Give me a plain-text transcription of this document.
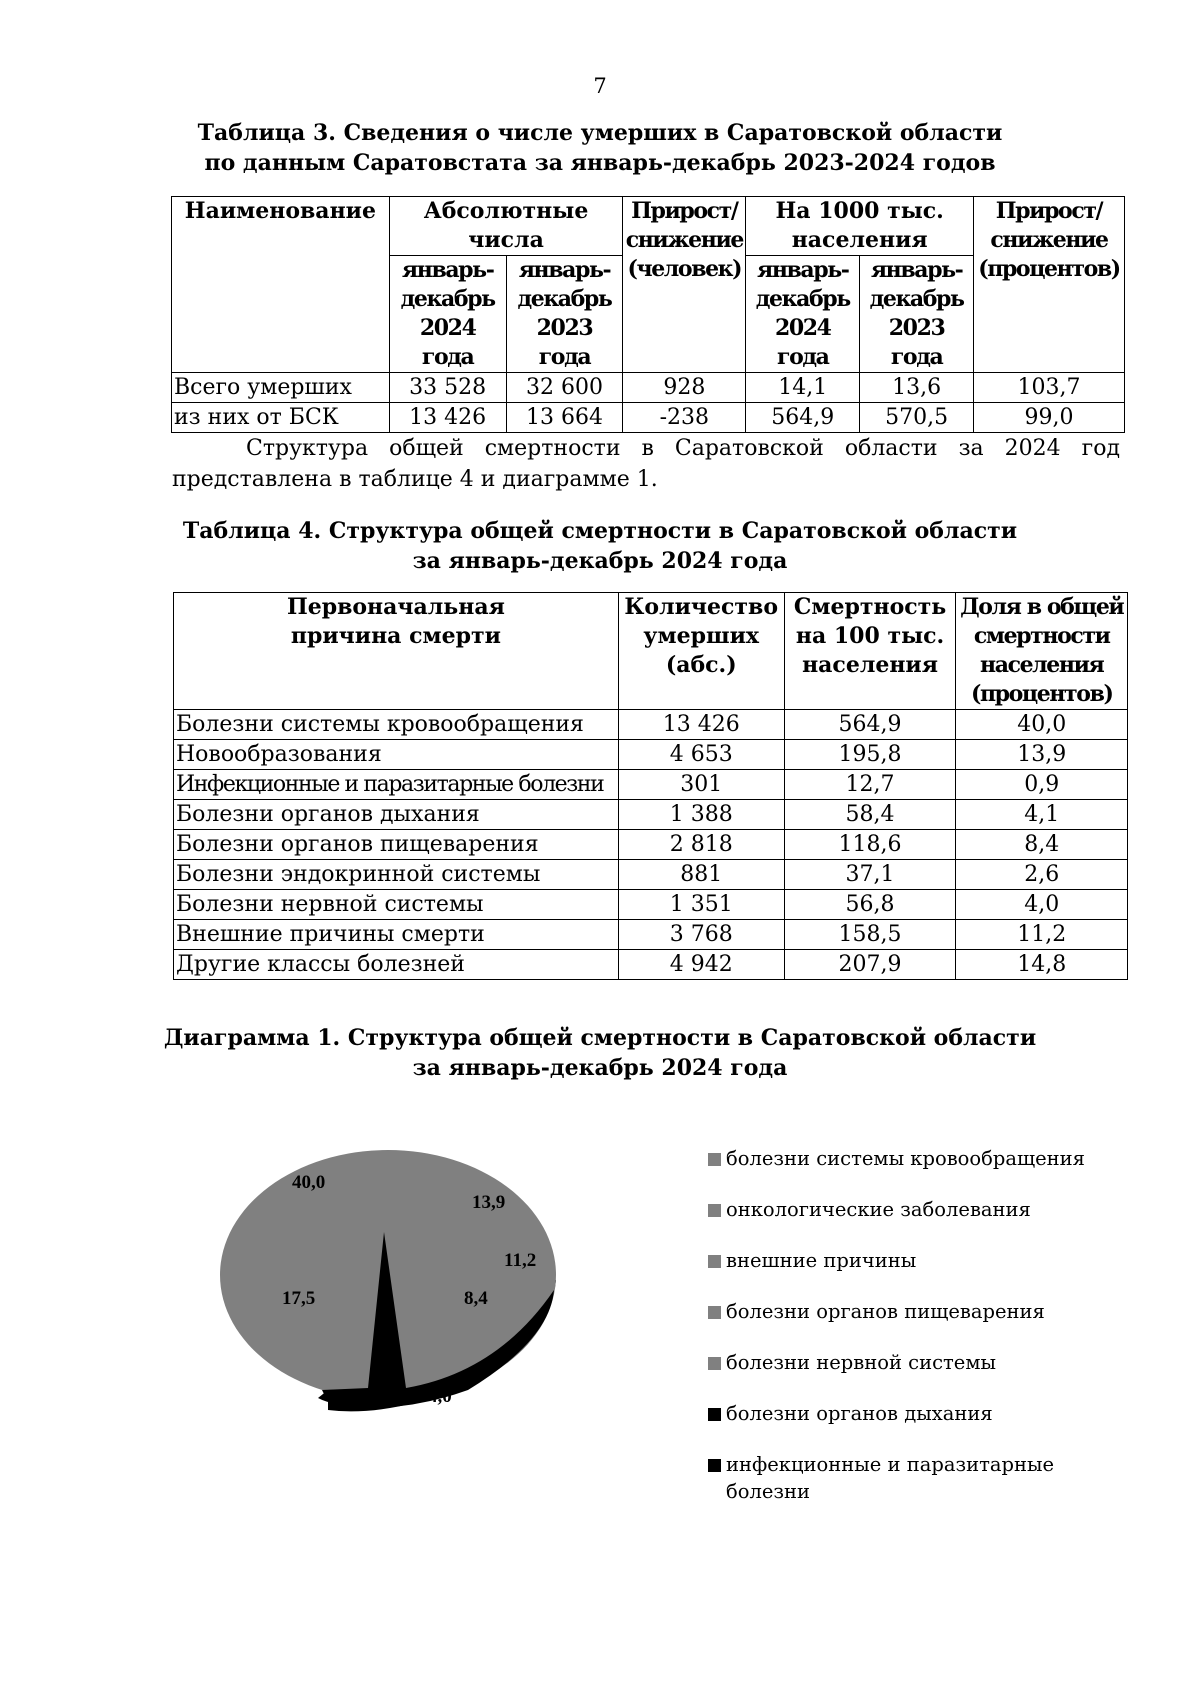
7
Таблица 3. Сведения о числе умерших в Саратовской области
по данным Саратовстата за январь-декабрь 2023-2024 годов
Наименование	Абсолютные числа		Прирост/ снижение (человек)	На 1000 тыс. населения		Прирост/ снижение (процентов)
	январь- декабрь 2024 года	январь- декабрь 2023 года		январь- декабрь 2024 года	январь- декабрь 2023 года	
Всего умерших	33 528	32 600	928	14,1	13,6	103,7
из них от БСК	13 426	13 664	-238	564,9	570,5	99,0
Структура общей смертности в Саратовской области за 2024 год представлена в таблице 4 и диаграмме 1.
Таблица 4. Структура общей смертности в Саратовской области
за январь-декабрь 2024 года
Первоначальная причина смерти	Количество умерших (абс.)	Смертность на 100 тыс. населения	Доля в общей смертности населения (процентов)
Болезни системы кровообращения	13 426	564,9	40,0
Новообразования	4 653	195,8	13,9
Инфекционные и паразитарные болезни	301	12,7	0,9
Болезни органов дыхания	1 388	58,4	4,1
Болезни органов пищеварения	2 818	118,6	8,4
Болезни эндокринной системы	881	37,1	2,6
Болезни нервной системы	1 351	56,8	4,0
Внешние причины смерти	3 768	158,5	11,2
Другие классы болезней	4 942	207,9	14,8
Диаграмма 1. Структура общей смертности в Саратовской области
за январь-декабрь 2024 года
40,0
13,9
11,2
8,4
4,0
0,9
17,5
болезни системы кровообращения
онкологические заболевания
внешние причины
болезни органов пищеварения
болезни нервной системы
болезни органов дыхания
инфекционные и паразитарные болезни
